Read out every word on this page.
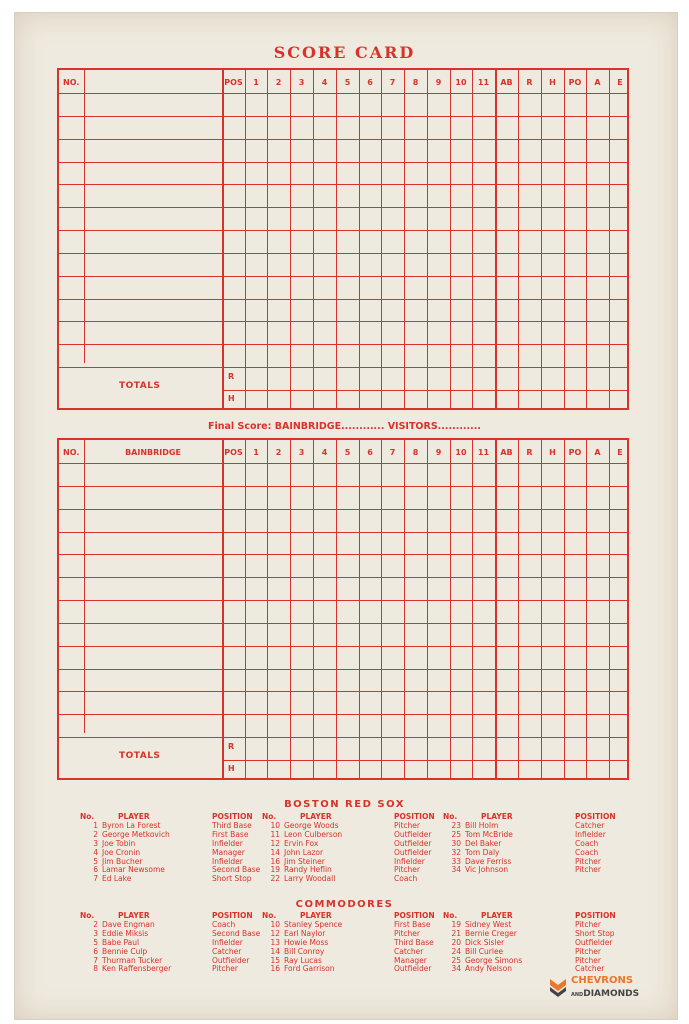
SCORE CARD
NO.	POS	1	2	3	4	5	6	7	8	9	10	11	AB	R	H	PO	A	E
TOTALS
R
H
Final Score: BAINBRIDGE............ VISITORS............
NO.	BAINBRIDGE	POS	1	2	3	4	5	6	7	8	9	10	11	AB	R	H	PO	A	E
TOTALS
R
H
BOSTON RED SOX
No.	PLAYER	POSITION
1 Byron La Forest	Third Base
2 George Metkovich	First Base
3 Joe Tobin	Infielder
4 Joe Cronin	Manager
5 Jim Bucher	Infielder
6 Lamar Newsome	Second Base
7 Ed Lake	Short Stop
No.	PLAYER	POSITION
10 George Woods	Pitcher
11 Leon Culberson	Outfielder
12 Ervin Fox	Outfielder
14 John Lazor	Outfielder
16 Jim Steiner	Infielder
19 Randy Heflin	Pitcher
22 Larry Woodall	Coach
No.	PLAYER	POSITION
23 Bill Holm	Catcher
25 Tom McBride	Infielder
30 Del Baker	Coach
32 Tom Daly	Coach
33 Dave Ferriss	Pitcher
34 Vic Johnson	Pitcher
COMMODORES
No.	PLAYER	POSITION
2 Dave Engman	Coach
3 Eddie Miksis	Second Base
5 Babe Paul	Infielder
6 Bennie Culp	Catcher
7 Thurman Tucker	Outfielder
8 Ken Raffensberger	Pitcher
No.	PLAYER	POSITION
10 Stanley Spence	First Base
12 Earl Naylor	Pitcher
13 Howie Moss	Third Base
14 Bill Conroy	Catcher
15 Ray Lucas	Manager
16 Ford Garrison	Outfielder
No.	PLAYER	POSITION
19 Sidney West	Pitcher
21 Bernie Creger	Short Stop
20 Dick Sisler	Outfielder
24 Bill Curlee	Pitcher
25 George Simons	Pitcher
34 Andy Nelson	Catcher
CHEVRONS
ANDDIAMONDS
